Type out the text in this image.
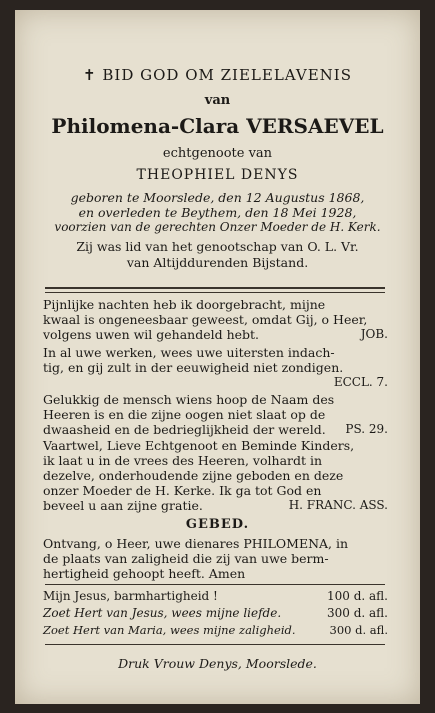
✝ BID GOD OM ZIELELAVENIS
van
Philomena-Clara VERSAEVEL
echtgenoote van
THEOPHIEL DENYS
geboren te Moorslede, den 12 Augustus 1868,
en overleden te Beythem, den 18 Mei 1928,
voorzien van de gerechten Onzer Moeder de H. Kerk.
Zij was lid van het genootschap van O. L. Vr.
van Altijddurenden Bijstand.
Pijnlijke nachten heb ik doorgebracht, mijne
kwaal is ongeneesbaar geweest, omdat Gij, o Heer,
volgens uwen wil gehandeld hebt.	JOB.
In al uwe werken, wees uwe uitersten indach-
tig, en gij zult in der eeuwigheid niet zondigen.
ECCL. 7.
Gelukkig de mensch wiens hoop de Naam des
Heeren is en die zijne oogen niet slaat op de
dwaasheid en de bedrieglijkheid der wereld.	PS. 29.
Vaartwel, Lieve Echtgenoot en Beminde Kinders,
ik laat u in de vrees des Heeren, volhardt in
dezelve, onderhoudende zijne geboden en deze
onzer Moeder de H. Kerke. Ik ga tot God en
beveel u aan zijne gratie.	H. FRANC. ASS.
GEBED.
Ontvang, o Heer, uwe dienares PHILOMENA, in
de plaats van zaligheid die zij van uwe berm-
hertigheid gehoopt heeft. Amen
Mijn Jesus, barmhartigheid !	100 d. afl.
Zoet Hert van Jesus, wees mijne liefde.	300 d. afl.
Zoet Hert van Maria, wees mijne zaligheid.	300 d. afl.
Druk Vrouw Denys, Moorslede.
